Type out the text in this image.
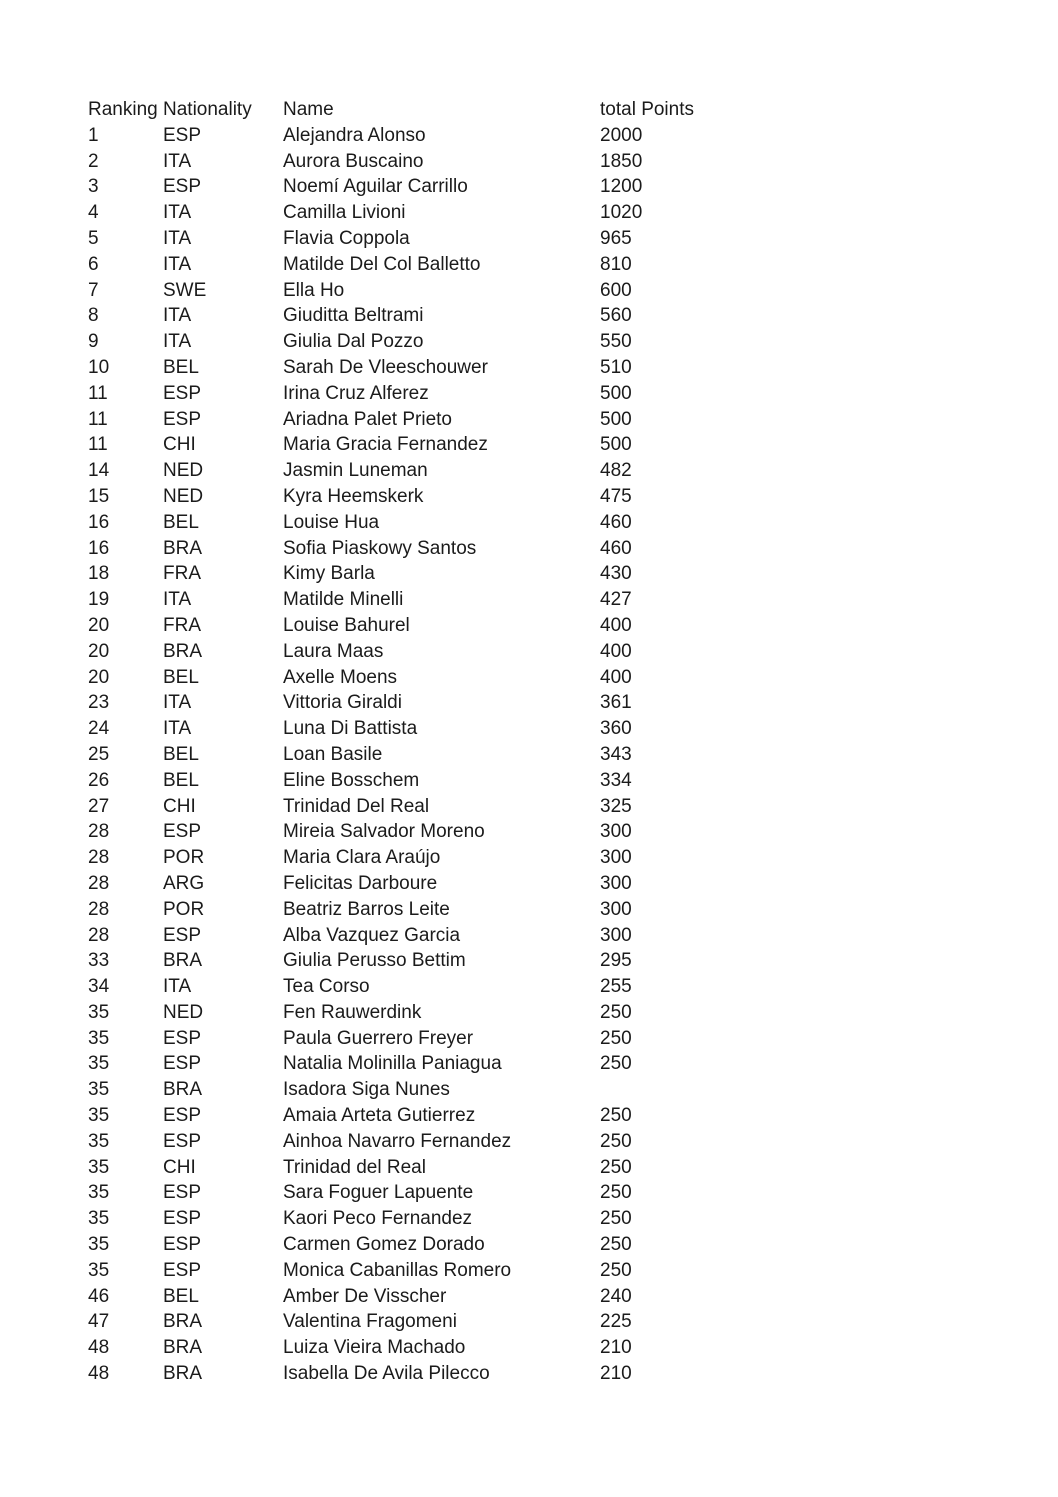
Ranking	Nationality	Name	total Points
1	ESP	Alejandra Alonso	2000
2	ITA	Aurora Buscaino	1850
3	ESP	Noemí Aguilar Carrillo	1200
4	ITA	Camilla Livioni	1020
5	ITA	Flavia Coppola	965
6	ITA	Matilde Del Col Balletto	810
7	SWE	Ella Ho	600
8	ITA	Giuditta Beltrami	560
9	ITA	Giulia Dal Pozzo	550
10	BEL	Sarah De Vleeschouwer	510
11	ESP	Irina Cruz Alferez	500
11	ESP	Ariadna Palet Prieto	500
11	CHI	Maria Gracia Fernandez	500
14	NED	Jasmin Luneman	482
15	NED	Kyra Heemskerk	475
16	BEL	Louise Hua	460
16	BRA	Sofia Piaskowy Santos	460
18	FRA	Kimy Barla	430
19	ITA	Matilde Minelli	427
20	FRA	Louise Bahurel	400
20	BRA	Laura Maas	400
20	BEL	Axelle Moens	400
23	ITA	Vittoria Giraldi	361
24	ITA	Luna Di Battista	360
25	BEL	Loan Basile	343
26	BEL	Eline Bosschem	334
27	CHI	Trinidad Del Real	325
28	ESP	Mireia Salvador Moreno	300
28	POR	Maria Clara Araújo	300
28	ARG	Felicitas Darboure	300
28	POR	Beatriz Barros Leite	300
28	ESP	Alba Vazquez Garcia	300
33	BRA	Giulia Perusso Bettim	295
34	ITA	Tea Corso	255
35	NED	Fen Rauwerdink	250
35	ESP	Paula Guerrero Freyer	250
35	ESP	Natalia Molinilla Paniagua	250
35	BRA	Isadora Siga Nunes	
35	ESP	Amaia Arteta Gutierrez	250
35	ESP	Ainhoa Navarro Fernandez	250
35	CHI	Trinidad del Real	250
35	ESP	Sara Foguer Lapuente	250
35	ESP	Kaori Peco Fernandez	250
35	ESP	Carmen Gomez Dorado	250
35	ESP	Monica Cabanillas Romero	250
46	BEL	Amber De Visscher	240
47	BRA	Valentina Fragomeni	225
48	BRA	Luiza Vieira Machado	210
48	BRA	Isabella De Avila Pilecco	210
